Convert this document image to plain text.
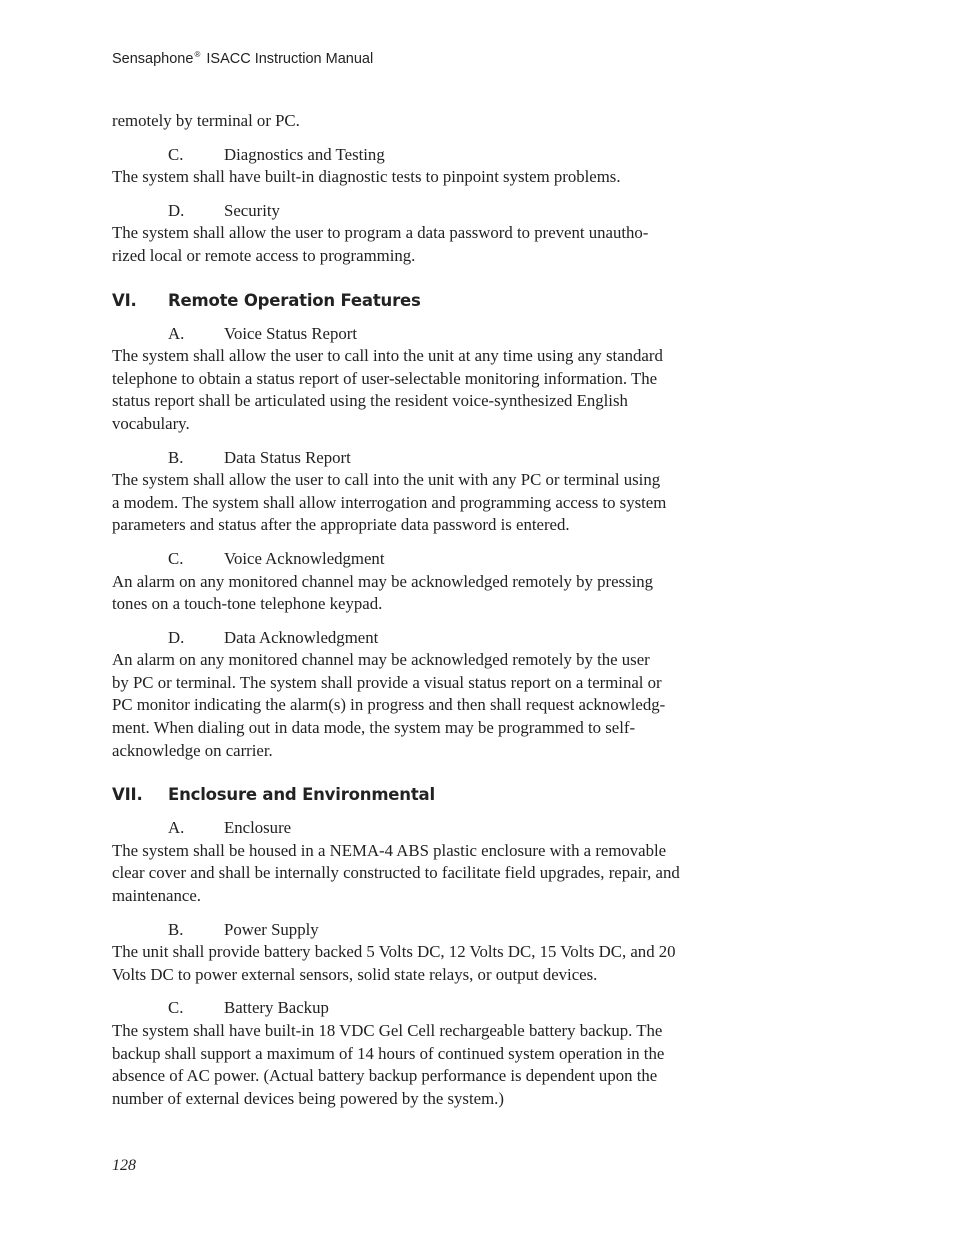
Sensaphone® ISACC Instruction Manual

remotely by terminal or PC.

C.	Diagnostics and Testing

The system shall have built-in diagnostic tests to pinpoint system problems.

D.	Security

The system shall allow the user to program a data password to prevent unautho-

rized local or remote access to programming.

VI.	Remote Operation Features
A.	Voice Status Report

The system shall allow the user to call into the unit at any time using any standard

telephone to obtain a status report of user-selectable monitoring information. The

status report shall be articulated using the resident voice-synthesized English

vocabulary.

B.	Data Status Report

The system shall allow the user to call into the unit with any PC or terminal using

a modem. The system shall allow interrogation and programming access to system

parameters and status after the appropriate data password is entered.

C.	Voice Acknowledgment

An alarm on any monitored channel may be acknowledged remotely by pressing

tones on a touch-tone telephone keypad.

D.	Data Acknowledgment

An alarm on any monitored channel may be acknowledged remotely by the user

by PC or terminal. The system shall provide a visual status report on a terminal or

PC monitor indicating the alarm(s) in progress and then shall request acknowledg-

ment. When dialing out in data mode, the system may be programmed to self-

acknowledge on carrier.

VII.	Enclosure and Environmental
A.	Enclosure

The system shall be housed in a NEMA-4 ABS plastic enclosure with a removable

clear cover and shall be internally constructed to facilitate field upgrades, repair, and

maintenance.

B.	Power Supply

The unit shall provide battery backed 5 Volts DC, 12 Volts DC, 15 Volts DC, and 20

Volts DC to power external sensors, solid state relays, or output devices.

C.	Battery Backup

The system shall have built-in 18 VDC Gel Cell rechargeable battery backup. The

backup shall support a maximum of 14 hours of continued system operation in the

absence of AC power. (Actual battery backup performance is dependent upon the

number of external devices being powered by the system.)

128
